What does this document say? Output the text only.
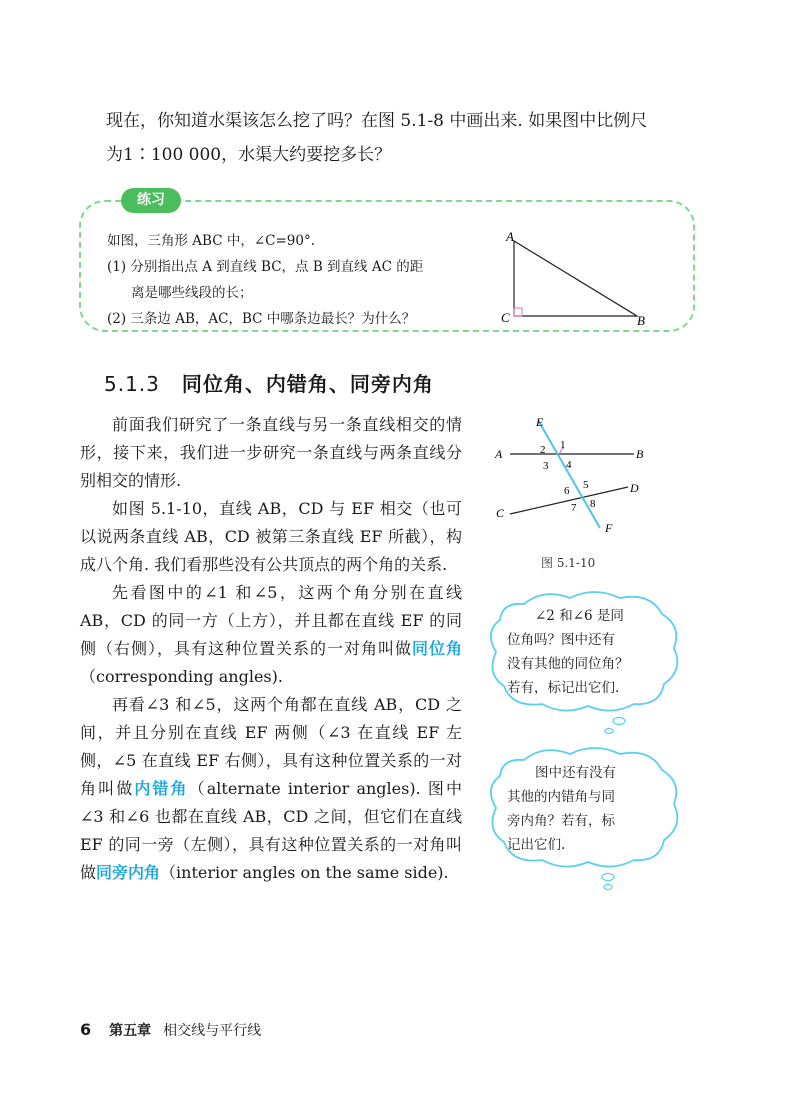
现在，你知道水渠该怎么挖了吗？在图 5.1-8 中画出来. 如果图中比例尺

为1∶100 000，水渠大约要挖多长？

练习

如图，三角形 ABC 中，∠C=90°.

(1) 分别指出点 A 到直线 BC，点 B 到直线 AC 的距

离是哪些线段的长；

(2) 三条边 AB，AC，BC 中哪条边最长？为什么？

A
C	B
5.1.3 同位角、内错角、同旁内角

前面我们研究了一条直线与另一条直线相交的情形，接下来，我们进一步研究一条直线与两条直线分别相交的情形.

如图 5.1-10，直线 AB，CD 与 EF 相交（也可以说两条直线 AB，CD 被第三条直线 EF 所截），构成八个角. 我们看那些没有公共顶点的两个角的关系.

先看图中的∠1 和∠5，这两个角分别在直线 AB，CD 的同一方（上方），并且都在直线 EF 的同侧（右侧），具有这种位置关系的一对角叫做同位角（corresponding angles).

再看∠3 和∠5，这两个角都在直线 AB，CD 之间，并且分别在直线 EF 两侧（∠3 在直线 EF 左侧，∠5 在直线 EF 右侧），具有这种位置关系的一对角叫做内错角（alternate interior angles). 图中∠3 和∠6 也都在直线 AB，CD 之间，但它们在直线 EF 的同一旁（左侧），具有这种位置关系的一对角叫做同旁内角（interior angles on the same side).

A	B
C
D
E
F
1
2
3 4
5
6
7 8
图 5.1-10
∠2 和∠6 是同
位角吗？图中还有
没有其他的同位角？
若有，标记出它们.
图中还有没有
其他的内错角与同
旁内角？若有，标
记出它们.
6 第五章 相交线与平行线
